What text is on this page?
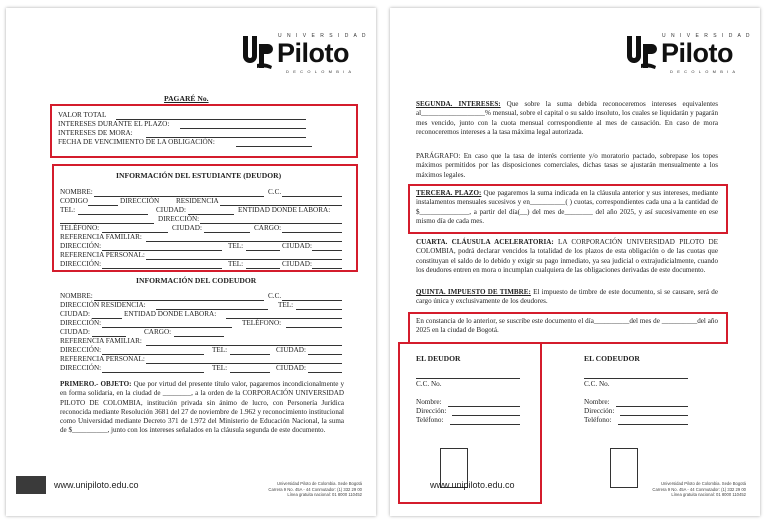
U N I V E R S I D A D
Piloto
D E C O L O M B I A
PAGARÉ No.
VALOR TOTAL
INTERESES DURANTE EL PLAZO:
INTERESES DE MORA:
FECHA DE VENCIMIENTO DE LA OBLIGACIÓN:
INFORMACIÓN DEL ESTUDIANTE (DEUDOR)
NOMBRE:	C.C.
CODIGO	DIRECCIÓN RESIDENCIA
TEL:	CIUDAD:	ENTIDAD DONDE LABORA:
DIRECCIÓN:
TELÉFONO:	CIUDAD:	CARGO:
REFERENCIA FAMILIAR:
DIRECCIÓN:	TEL:	CIUDAD:
REFERENCIA PERSONAL:
DIRECCIÓN:	TEL:	CIUDAD:
INFORMACIÓN DEL CODEUDOR
NOMBRE:	C.C.
DIRECCIÓN RESIDENCIA:	TEL:
CIUDAD:	ENTIDAD DONDE LABORA:
DIRECCIÓN:	TELÉFONO:
CIUDAD:	CARGO:
REFERENCIA FAMILIAR:
DIRECCIÓN:	TEL:	CIUDAD:
REFERENCIA PERSONAL:
DIRECCIÓN:	TEL:	CIUDAD:
PRIMERO.- OBJETO: Que por virtud del presente título valor, pagaremos incondicionalmente y en forma solidaria, en la ciudad de ________, a la orden de la CORPORACIÓN UNIVERSIDAD PILOTO DE COLOMBIA, institución privada sin ánimo de lucro, con Personería Jurídica reconocida mediante Resolución 3681 del 27 de noviembre de 1.962 y reconocimiento institucional como Universidad mediante Decreto 371 de 1.972 del Ministerio de Educación Nacional, la suma de $__________, junto con los intereses señalados en la cláusula segunda de este documento.
www.unipiloto.edu.co	Universidad Piloto de Colombia. Sede Bogotá
Carrera 9 No. 45A - 44 Conmutador: (1) 332 29 00
Línea gratuita nacional: 01 8000 110452
U N I V E R S I D A D
Piloto
D E C O L O M B I A
SEGUNDA. INTERESES: Que sobre la suma debida reconoceremos intereses equivalentes al__________________% mensual, sobre el capital o su saldo insoluto, los cuales se liquidarán y pagarán mes vencido, junto con la cuota mensual correspondiente al mes de causación. En caso de mora reconoceremos intereses a la tasa máxima legal autorizada.
PARÁGRAFO: En caso que la tasa de interés corriente y/o moratorio pactado, sobrepase los topes máximos permitidos por las disposiciones comerciales, dichas tasas se ajustarán mensualmente a los máximos legales.
TERCERA. PLAZO: Que pagaremos la suma indicada en la cláusula anterior y sus intereses, mediante instalamentos mensuales sucesivos y en__________( ) cuotas, correspondientes cada una a la cantidad de $______________, a partir del día(__) del mes de________ del año 2025, y así sucesivamente en ese mismo día de cada mes.
CUARTA. CLÁUSULA ACELERATORIA: LA CORPORACIÓN UNIVERSIDAD PILOTO DE COLOMBIA, podrá declarar vencidos la totalidad de los plazos de esta obligación o de las cuotas que constituyan el saldo de lo debido y exigir su pago inmediato, ya sea judicial o extrajudicialmente, cuando los deudores entren en mora o incumplan cualquiera de las obligaciones derivadas de este documento.
QUINTA. IMPUESTO DE TIMBRE: El impuesto de timbre de este documento, si se causare, será de cargo única y exclusivamente de los deudores.
En constancia de lo anterior, se suscribe este documento el día__________del mes de __________del año 2025 en la ciudad de Bogotá.
EL DEUDOR
C.C. No.
Nombre:
Dirección:
Teléfono:
EL CODEUDOR
C.C. No.
Nombre:
Dirección:
Teléfono:
www.unipiloto.edu.co	Universidad Piloto de Colombia. Sede Bogotá
Carrera 9 No. 45A - 44 Conmutador: (1) 332 29 00
Línea gratuita nacional: 01 8000 110452
